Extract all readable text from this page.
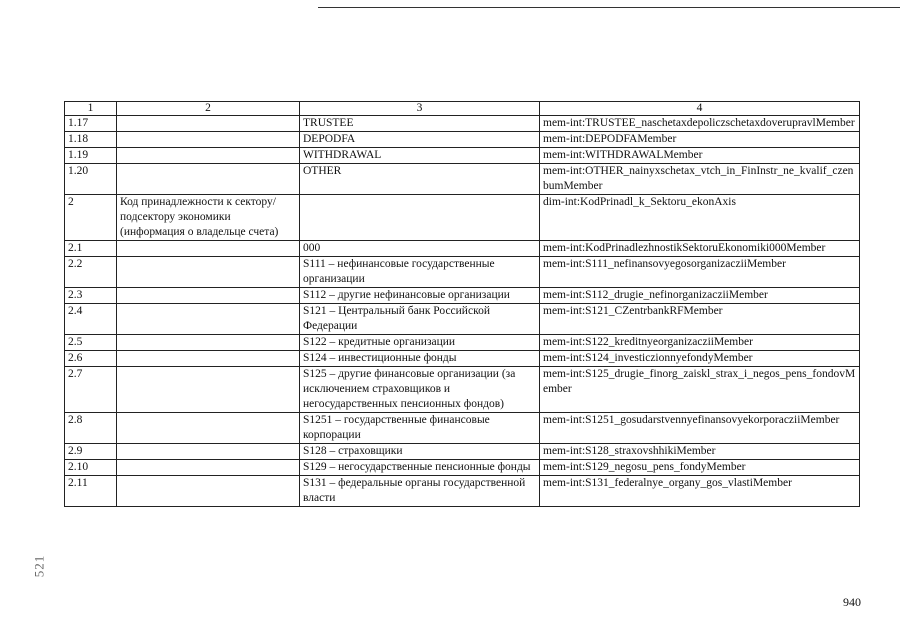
1	2	3	4
1.17		TRUSTEE	mem-int:TRUSTEE_naschetaxdepoliczschetaxdoverupravlMember
1.18		DEPODFA	mem-int:DEPODFAMember
1.19		WITHDRAWAL	mem-int:WITHDRAWALMember
1.20		OTHER	mem-int:OTHER_nainyxschetax_vtch_in_FinInstr_ne_kvalif_czenbumMember
2	Код принадлежности к сектору/подсектору экономики (информация о владельце счета)		dim-int:KodPrinadl_k_Sektoru_ekonAxis
2.1		000	mem-int:KodPrinadlezhnostikSektoruEkonomiki000Member
2.2		S111 – нефинансовые государственные организации	mem-int:S111_nefinansovyegosorganizacziiMember
2.3		S112 – другие нефинансовые организации	mem-int:S112_drugie_nefinorganizacziiMember
2.4		S121 – Центральный банк Российской Федерации	mem-int:S121_CZentrbankRFMember
2.5		S122 – кредитные организации	mem-int:S122_kreditnyeorganizacziiMember
2.6		S124 – инвестиционные фонды	mem-int:S124_investiczionnyefondyMember
2.7		S125 – другие финансовые организации (за исключением страховщиков и негосударственных пенсионных фондов)	mem-int:S125_drugie_finorg_zaiskl_strax_i_negos_pens_fondovMember
2.8		S1251 – государственные финансовые корпорации	mem-int:S1251_gosudarstvennyefinansovyekorporacziiMember
2.9		S128 – страховщики	mem-int:S128_straxovshhikiMember
2.10		S129 – негосударственные пенсионные фонды	mem-int:S129_negosu_pens_fondyMember
2.11		S131 – федеральные органы государственной власти	mem-int:S131_federalnye_organy_gos_vlastiMember
521
940
